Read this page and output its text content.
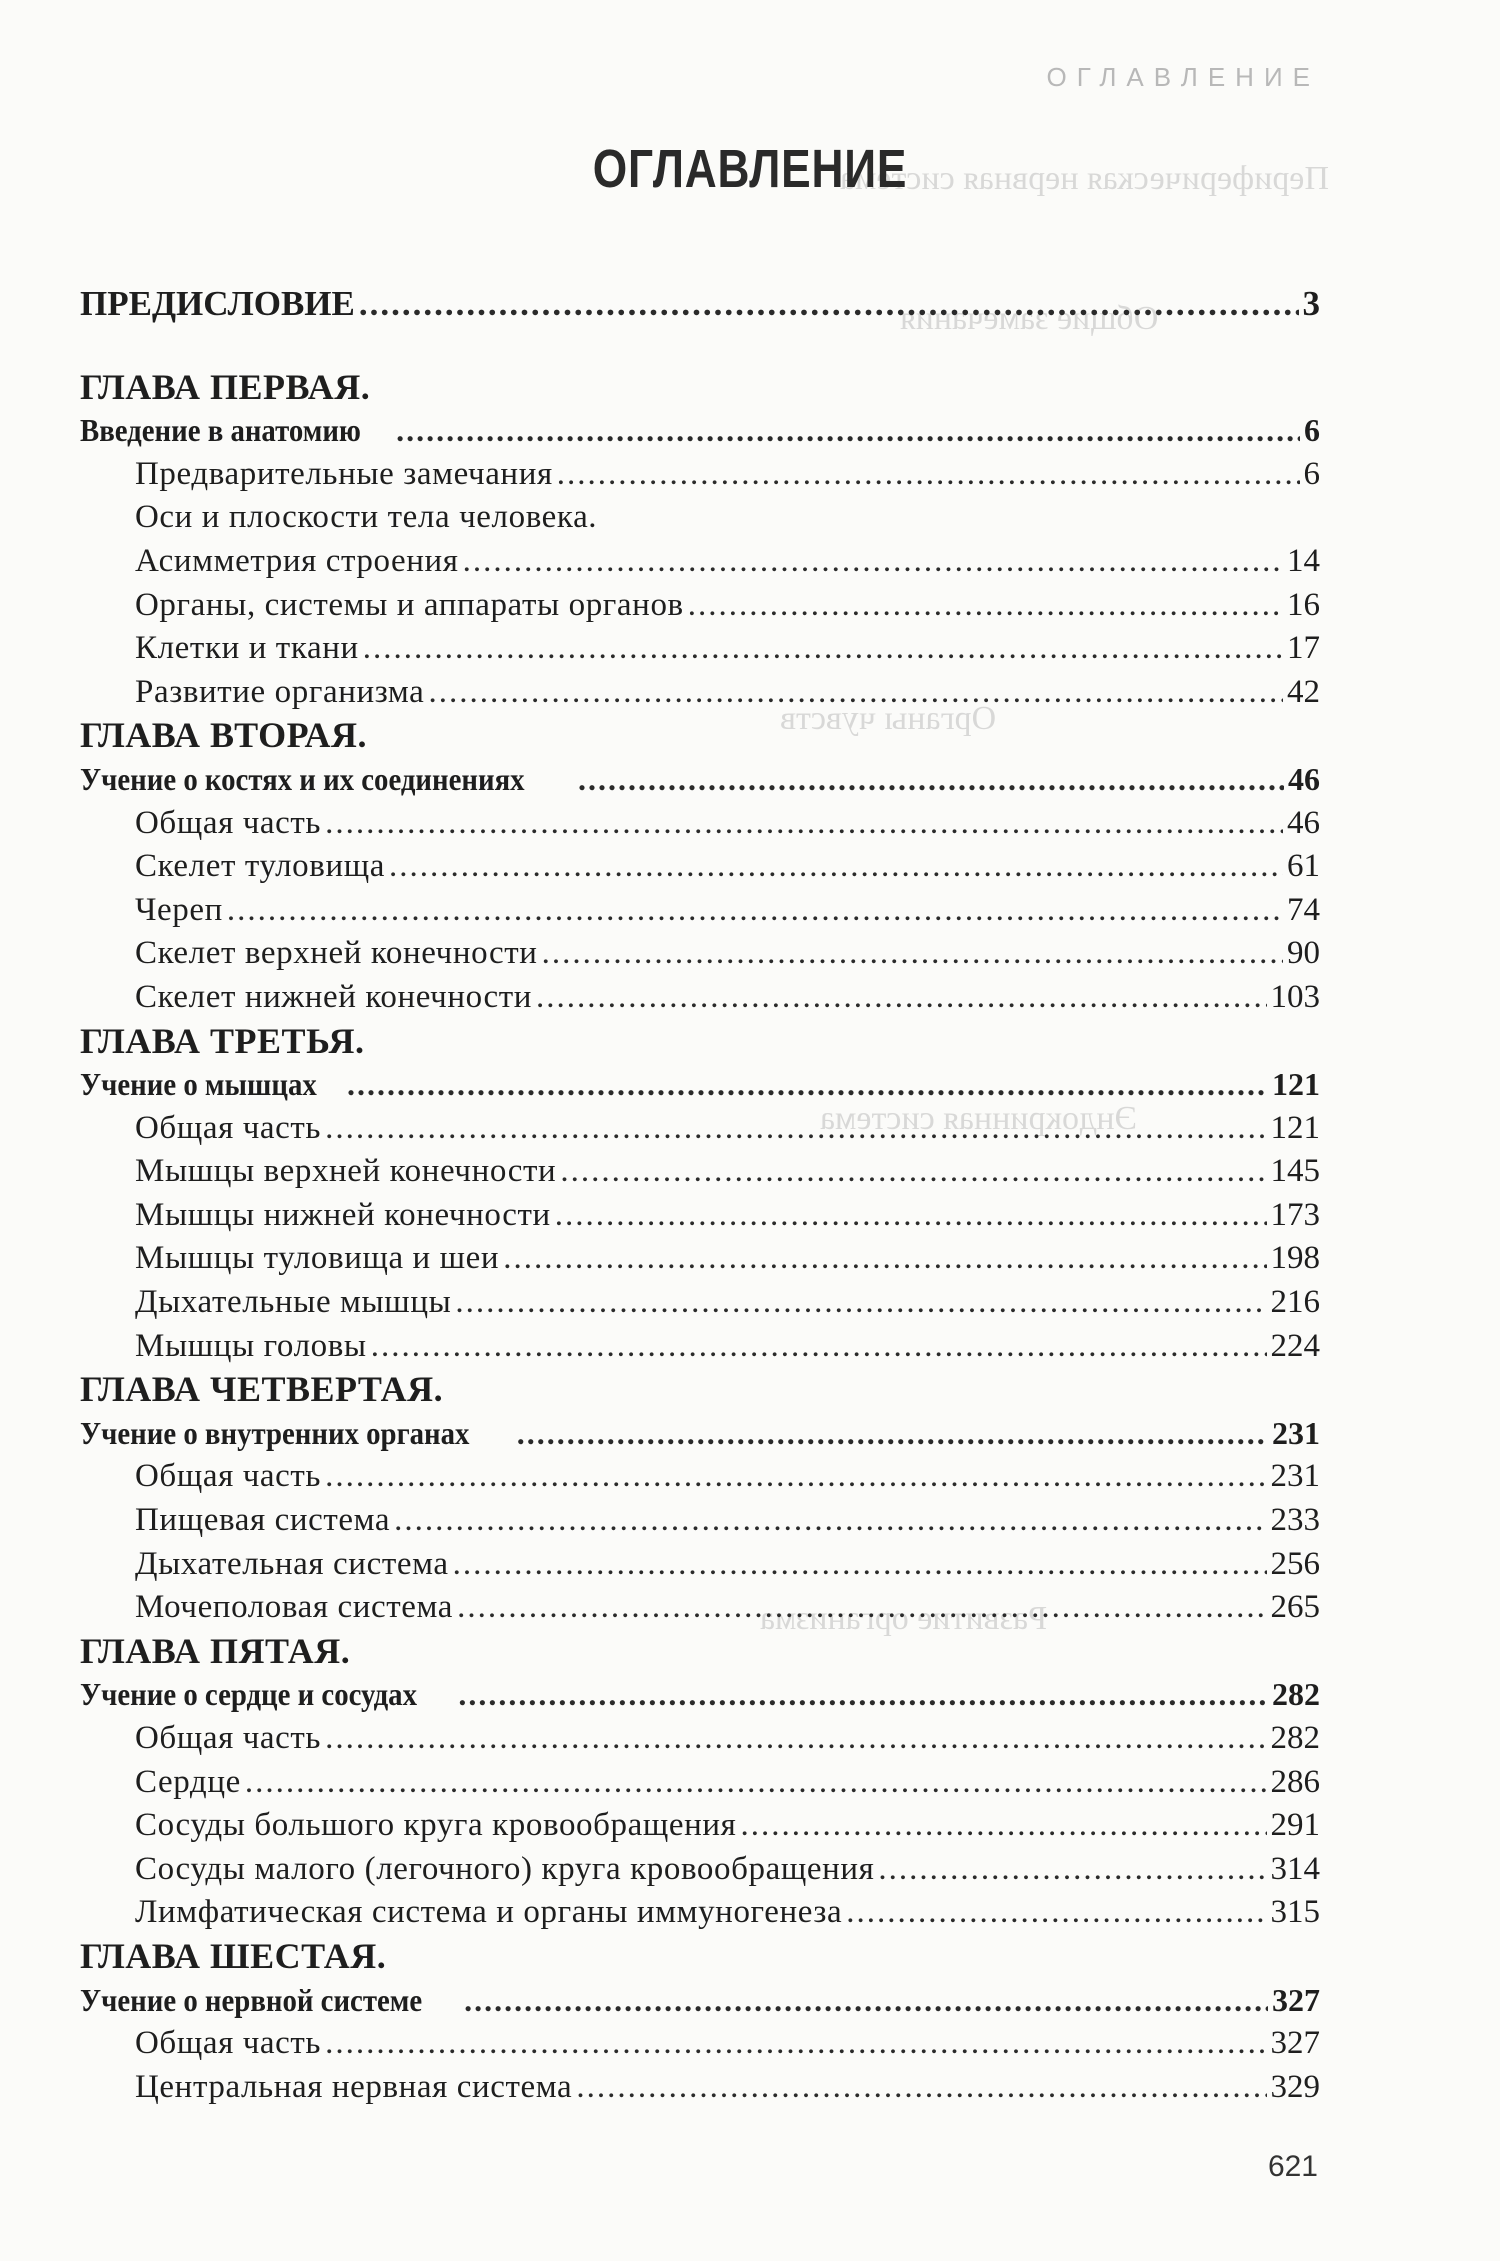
Периферическая нервная система
Общие замечания
Органы чувств
Эндокринная система
Развитие организма
ОГЛАВЛЕНИЕ
ОГЛАВЛЕНИЕ
ПРЕДИСЛОВИЕ .....	3
ГЛАВА ПЕРВАЯ.
Введение в анатомию .....	6
Предварительные замечания .....	6
Оси и плоскости тела человека.
Асимметрия строения .....	14
Органы, системы и аппараты органов .....	16
Клетки и ткани .....	17
Развитие организма .....	42
ГЛАВА ВТОРАЯ.
Учение о костях и их соединениях .....	46
Общая часть .....	46
Скелет туловища .....	61
Череп .....	74
Скелет верхней конечности .....	90
Скелет нижней конечности .....	103
ГЛАВА ТРЕТЬЯ.
Учение о мышцах .....	121
Общая часть .....	121
Мышцы верхней конечности .....	145
Мышцы нижней конечности .....	173
Мышцы туловища и шеи .....	198
Дыхательные мышцы .....	216
Мышцы головы .....	224
ГЛАВА ЧЕТВЕРТАЯ.
Учение о внутренних органах .....	231
Общая часть .....	231
Пищевая система .....	233
Дыхательная система .....	256
Мочеполовая система .....	265
ГЛАВА ПЯТАЯ.
Учение о сердце и сосудах .....	282
Общая часть .....	282
Сердце .....	286
Сосуды большого круга кровообращения .....	291
Сосуды малого (легочного) круга кровообращения .....	314
Лимфатическая система и органы иммуногенеза .....	315
ГЛАВА ШЕСТАЯ.
Учение о нервной системе .....	327
Общая часть .....	327
Центральная нервная система .....	329
621
